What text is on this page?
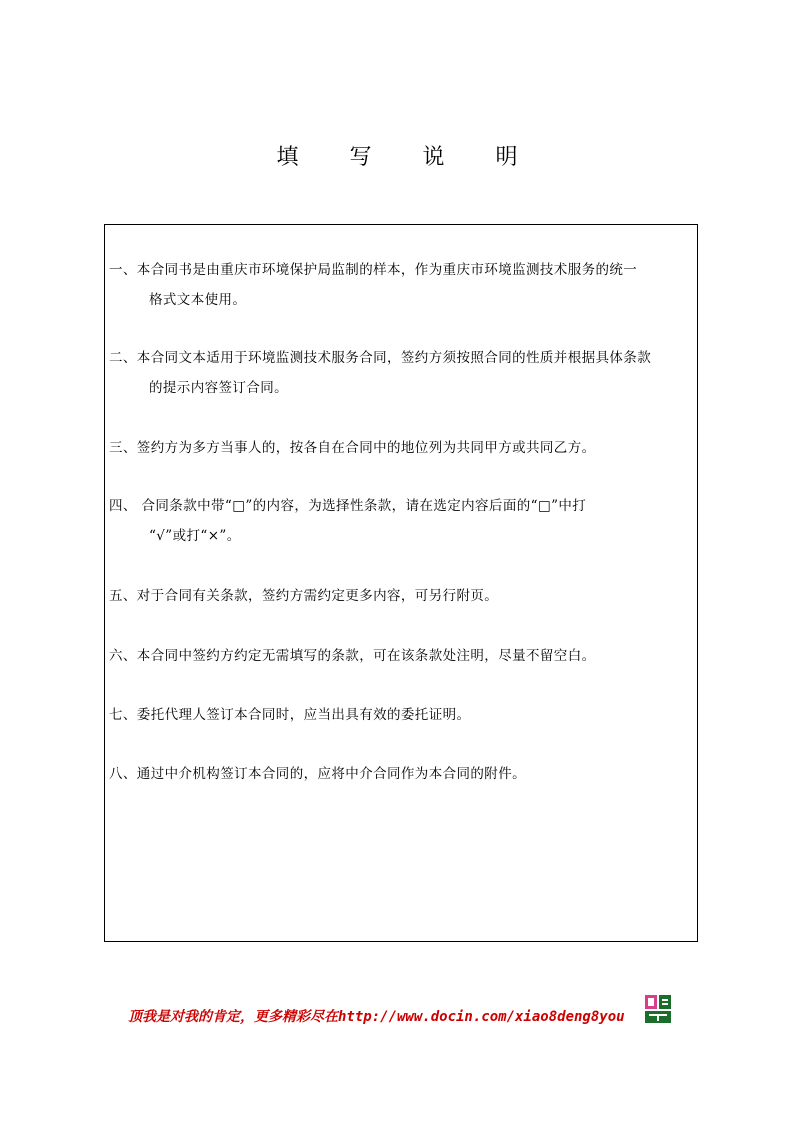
填 写 说 明
一、本合同书是由重庆市环境保护局监制的样本，作为重庆市环境监测技术服务的统一
格式文本使用。
二、本合同文本适用于环境监测技术服务合同，签约方须按照合同的性质并根据具体条款
的提示内容签订合同。
三、签约方为多方当事人的，按各自在合同中的地位列为共同甲方或共同乙方。
四、 合同条款中带“□”的内容，为选择性条款，请在选定内容后面的“□”中打
“√”或打“×”。
五、对于合同有关条款，签约方需约定更多内容，可另行附页。
六、本合同中签约方约定无需填写的条款，可在该条款处注明，尽量不留空白。
七、委托代理人签订本合同时，应当出具有效的委托证明。
八、通过中介机构签订本合同的，应将中介合同作为本合同的附件。
顶我是对我的肯定，更多精彩尽在http://www.docin.com/xiao8deng8you
